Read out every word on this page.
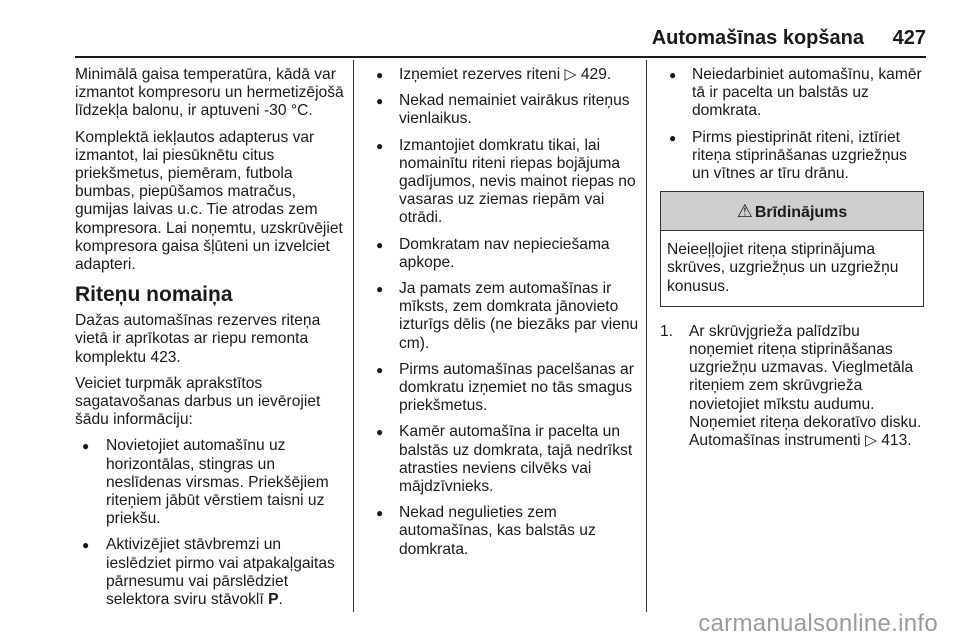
Automašīnas kopšana 427

Minimālā gaisa temperatūra, kādā var izmantot kompresoru un hermetizējošā līdzekļa balonu, ir aptuveni -30 °C.

Komplektā iekļautos adapterus var izmantot, lai piesūknētu citus priekšmetus, piemēram, futbola bumbas, piepūšamos matračus, gumijas laivas u.c. Tie atrodas zem kompresora. Lai noņemtu, uzskrūvējiet kompresora gaisa šļūteni un izvelciet adapteri.

Riteņu nomaiņa

Dažas automašīnas rezerves riteņa vietā ir aprīkotas ar riepu remonta komplektu 423.

Veiciet turpmāk aprakstītos sagatavošanas darbus un ievērojiet šādu informāciju:

● Novietojiet automašīnu uz horizontālas, stingras un neslīdenas virsmas. Priekšējiem riteņiem jābūt vērstiem taisni uz priekšu.
● Aktivizējiet stāvbremzi un ieslēdziet pirmo vai atpakaļgaitas pārnesumu vai pārslēdziet selektora sviru stāvoklī P.
● Izņemiet rezerves riteni ▷ 429.
● Nekad nemainiet vairākus riteņus vienlaikus.
● Izmantojiet domkratu tikai, lai nomainītu riteni riepas bojājuma gadījumos, nevis mainot riepas no vasaras uz ziemas riepām vai otrādi.
● Domkratam nav nepieciešama apkope.
● Ja pamats zem automašīnas ir mīksts, zem domkrata jānovieto izturīgs dēlis (ne biezāks par vienu cm).
● Pirms automašīnas pacelšanas ar domkratu izņemiet no tās smagus priekšmetus.
● Kamēr automašīna ir pacelta un balstās uz domkrata, tajā nedrīkst atrasties neviens cilvēks vai mājdzīvnieks.
● Nekad negulieties zem automašīnas, kas balstās uz domkrata.
● Neiedarbiniet automašīnu, kamēr tā ir pacelta un balstās uz domkrata.
● Pirms piestiprināt riteni, iztīriet riteņa stiprināšanas uzgriežņus un vītnes ar tīru drānu.
⚠ Brīdinājums
Neieeļļojiet riteņa stiprinājuma skrūves, uzgriežņus un uzgriežņu konusus.
1. Ar skrūvjgrieža palīdzību noņemiet riteņa stiprināšanas uzgriežņu uzmavas. Vieglmetāla riteņiem zem skrūvgrieža novietojiet mīkstu audumu. Noņemiet riteņa dekoratīvo disku. Automašīnas instrumenti ▷ 413.
carmanualsonline.info
